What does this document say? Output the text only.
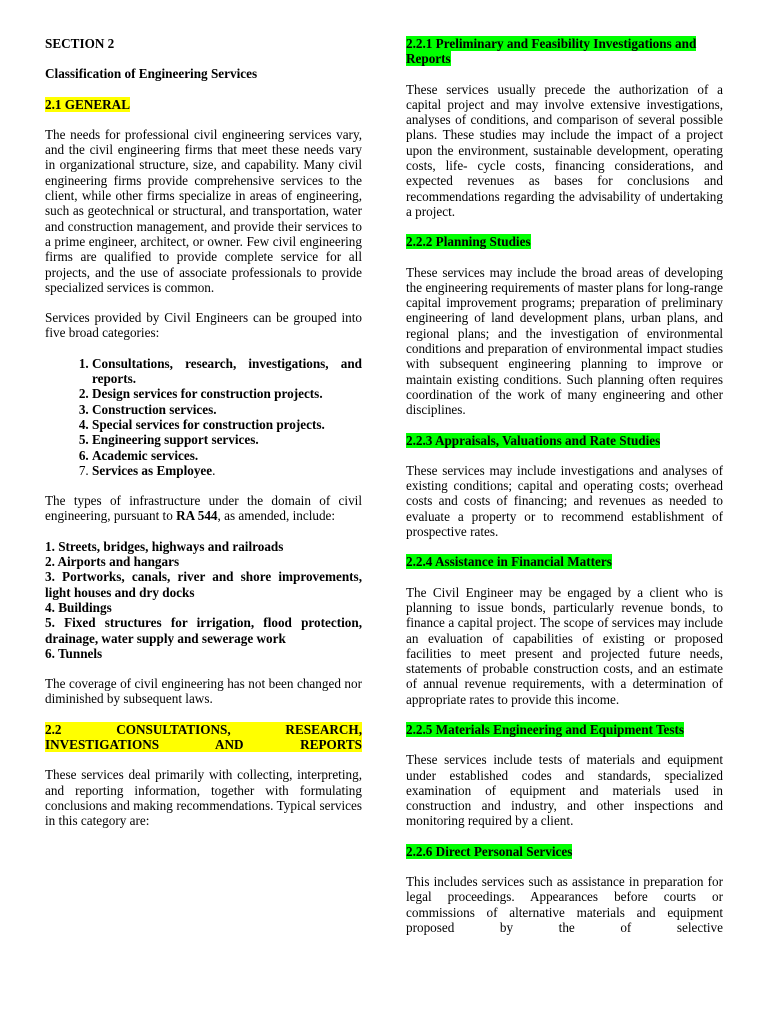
SECTION 2
Classification of Engineering Services
2.1 GENERAL

The needs for professional civil engineering services vary, and the civil engineering firms that meet these needs vary in organizational structure, size, and capability. Many civil engineering firms provide comprehensive services to the client, while other firms specialize in areas of engineering, such as geotechnical or structural, and transportation, water and construction management, and provide their services to a prime engineer, architect, or owner. Few civil engineering firms are qualified to provide complete service for all projects, and the use of associate professionals to provide specialized services is common.

Services provided by Civil Engineers can be grouped into five broad categories:

1. Consultations, research, investigations, and reports.
2. Design services for construction projects.
3. Construction services.
4. Special services for construction projects.
5. Engineering support services.
6. Academic services.
7. Services as Employee.

The types of infrastructure under the domain of civil engineering, pursuant to RA 544, as amended, include:

1. Streets, bridges, highways and railroads
2. Airports and hangars
3. Portworks, canals, river and shore improvements, light houses and dry docks
4. Buildings
5. Fixed structures for irrigation, flood protection, drainage, water supply and sewerage work
6. Tunnels

The coverage of civil engineering has not been changed nor diminished by subsequent laws.

2.2 CONSULTATIONS, RESEARCH, INVESTIGATIONS AND REPORTS

These services deal primarily with collecting, interpreting, and reporting information, together with formulating conclusions and making recommendations. Typical services in this category are:

2.2.1 Preliminary and Feasibility Investigations and Reports

These services usually precede the authorization of a capital project and may involve extensive investigations, analyses of conditions, and comparison of several possible plans. These studies may include the impact of a project upon the environment, sustainable development, operating costs, life- cycle costs, financing considerations, and expected revenues as bases for conclusions and recommendations regarding the advisability of undertaking a project.

2.2.2 Planning Studies

These services may include the broad areas of developing the engineering requirements of master plans for long-range capital improvement programs; preparation of preliminary engineering of land development plans, urban plans, and regional plans; and the investigation of environmental conditions and preparation of environmental impact studies with subsequent engineering planning to improve or maintain existing conditions. Such planning often requires coordination of the work of many engineering and other disciplines.

2.2.3 Appraisals, Valuations and Rate Studies

These services may include investigations and analyses of existing conditions; capital and operating costs; overhead costs and costs of financing; and revenues as needed to evaluate a property or to recommend establishment of prospective rates.

2.2.4 Assistance in Financial Matters

The Civil Engineer may be engaged by a client who is planning to issue bonds, particularly revenue bonds, to finance a capital project. The scope of services may include an evaluation of capabilities of existing or proposed facilities to meet present and projected future needs, statements of probable construction costs, and an estimate of annual revenue requirements, with a determination of appropriate rates to provide this income.

2.2.5 Materials Engineering and Equipment Tests

These services include tests of materials and equipment under established codes and standards, specialized examination of equipment and materials used in construction and industry, and other inspections and monitoring required by a client.

2.2.6 Direct Personal Services

This includes services such as assistance in preparation for legal proceedings. Appearances before courts or commissions of alternative materials and equipment proposed by the of selective
